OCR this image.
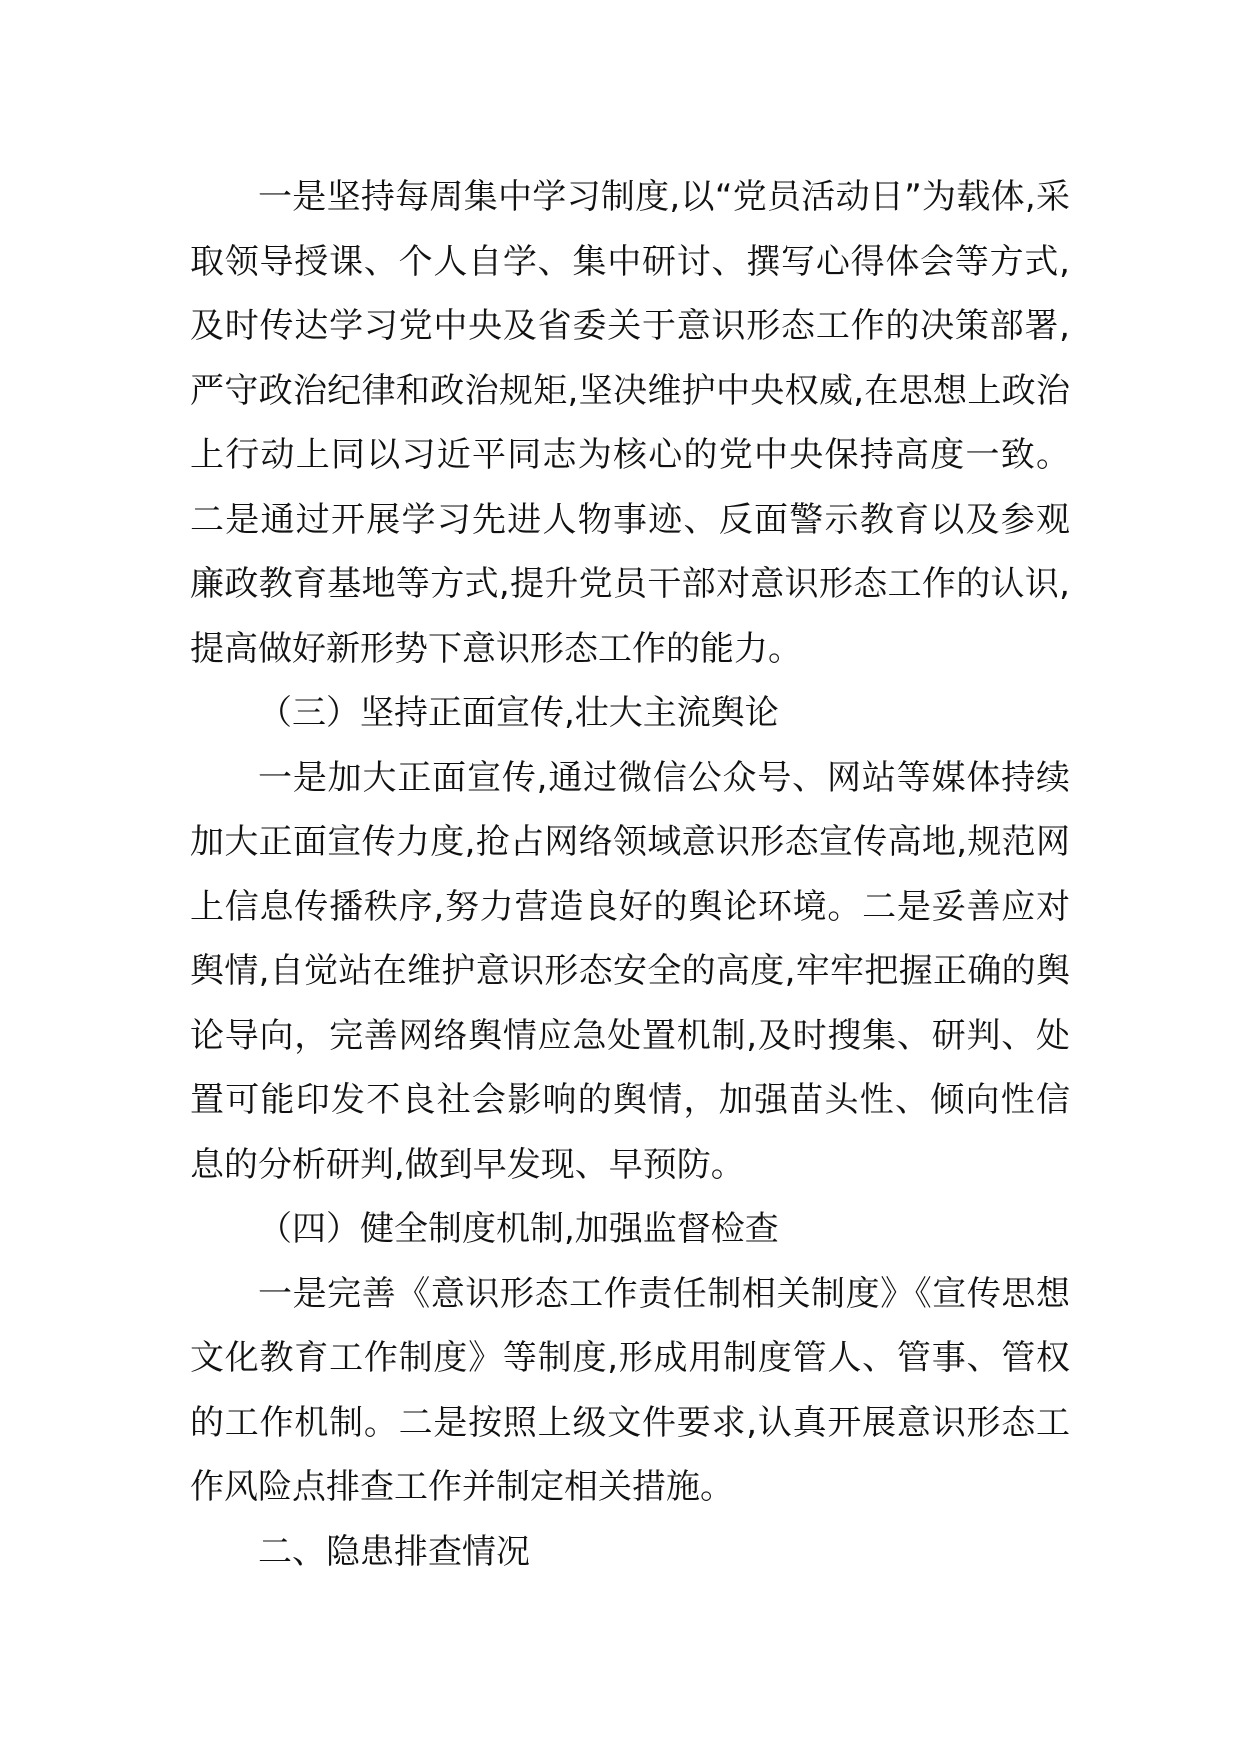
一是坚持每周集中学习制度,以“党员活动日”为载体,采取领导授课、个人自学、集中研讨、撰写心得体会等方式,及时传达学习党中央及省委关于意识形态工作的决策部署,严守政治纪律和政治规矩,坚决维护中央权威,在思想上政治上行动上同以习近平同志为核心的党中央保持高度一致。二是通过开展学习先进人物事迹、反面警示教育以及参观廉政教育基地等方式,提升党员干部对意识形态工作的认识,提高做好新形势下意识形态工作的能力。

（三）坚持正面宣传,壮大主流舆论

一是加大正面宣传,通过微信公众号、网站等媒体持续加大正面宣传力度,抢占网络领域意识形态宣传高地,规范网上信息传播秩序,努力营造良好的舆论环境。二是妥善应对舆情,自觉站在维护意识形态安全的高度,牢牢把握正确的舆论导向，完善网络舆情应急处置机制,及时搜集、研判、处置可能印发不良社会影响的舆情，加强苗头性、倾向性信息的分析研判,做到早发现、早预防。

（四）健全制度机制,加强监督检查

一是完善《意识形态工作责任制相关制度》《宣传思想文化教育工作制度》等制度,形成用制度管人、管事、管权的工作机制。二是按照上级文件要求,认真开展意识形态工作风险点排查工作并制定相关措施。

二、隐患排查情况
